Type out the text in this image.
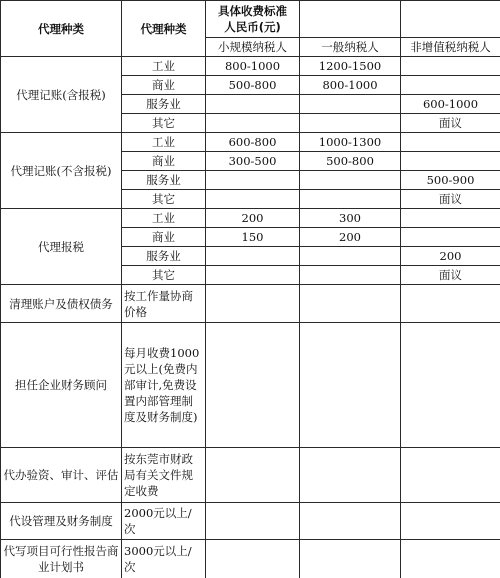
代理种类	代理种类	具体收费标准
人民币(元)		
		小规模纳税人	一般纳税人	非增值税纳税人
代理记账(含报税)	工业	800-1000	1200-1500	
	商业	500-800	800-1000	
	服务业			600-1000
	其它			面议
代理记账(不含报税)	工业	600-800	1000-1300	
	商业	300-500	500-800	
	服务业			500-900
	其它			面议
代理报税	工业	200	300	
	商业	150	200	
	服务业			200
	其它			面议
清理账户及债权债务	按工作量协商价格			
担任企业财务顾问	每月收费1000元以上(免费内部审计,免费设置内部管理制度及财务制度)			
代办验资、审计、评估	按东莞市财政局有关文件规定收费			
代设管理及财务制度	2000元以上/次			
代写项目可行性报告商业计划书	3000元以上/次			
